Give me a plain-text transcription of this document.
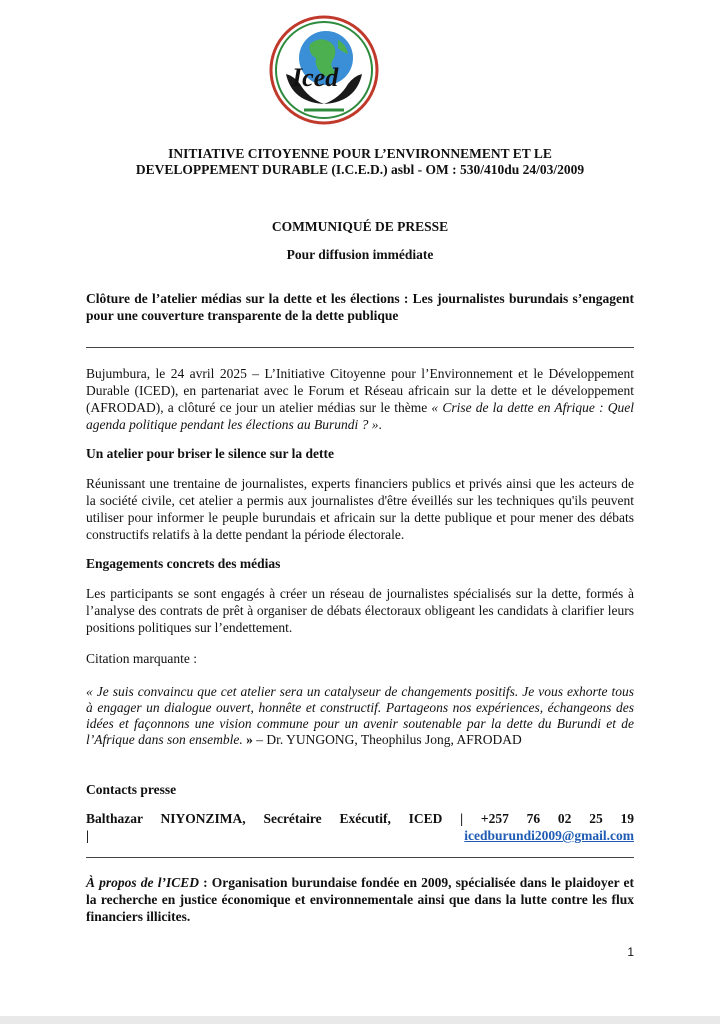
Iced
INITIATIVE CITOYENNE POUR L’ENVIRONNEMENT ET LE
DEVELOPPEMENT DURABLE (I.C.E.D.) asbl - OM : 530/410du 24/03/2009
COMMUNIQUÉ DE PRESSE
Pour diffusion immédiate
Clôture de l’atelier médias sur la dette et les élections : Les journalistes burundais s’engagent pour une couverture transparente de la dette publique
Bujumbura, le 24 avril 2025 – L’Initiative Citoyenne pour l’Environnement et le Développement Durable (ICED), en partenariat avec le Forum et Réseau africain sur la dette et le développement (AFRODAD), a clôturé ce jour un atelier médias sur le thème « Crise de la dette en Afrique : Quel agenda politique pendant les élections au Burundi ? ».
Un atelier pour briser le silence sur la dette
Réunissant une trentaine de journalistes, experts financiers publics et privés ainsi que les acteurs de la société civile, cet atelier a permis aux journalistes d'être éveillés sur les techniques qu'ils peuvent utiliser pour informer le peuple burundais et africain sur la dette publique et pour mener des débats constructifs relatifs à la dette pendant la période électorale.
Engagements concrets des médias
Les participants se sont engagés à créer un réseau de journalistes spécialisés sur la dette, formés à l’analyse des contrats de prêt à organiser de débats électoraux obligeant les candidats à clarifier leurs positions politiques sur l’endettement.
Citation marquante :
« Je suis convaincu que cet atelier sera un catalyseur de changements positifs. Je vous exhorte tous à engager un dialogue ouvert, honnête et constructif. Partageons nos expériences, échangeons des idées et façonnons une vision commune pour un avenir soutenable par la dette du Burundi et de l’Afrique dans son ensemble. » – Dr. YUNGONG, Theophilus Jong, AFRODAD
Contacts presse
Balthazar NIYONZIMA, Secrétaire Exécutif, ICED | +257 76 02 25 19
|	icedburundi2009@gmail.com
À propos de l’ICED : Organisation burundaise fondée en 2009, spécialisée dans le plaidoyer et la recherche en justice économique et environnementale ainsi que dans la lutte contre les flux financiers illicites.
1
